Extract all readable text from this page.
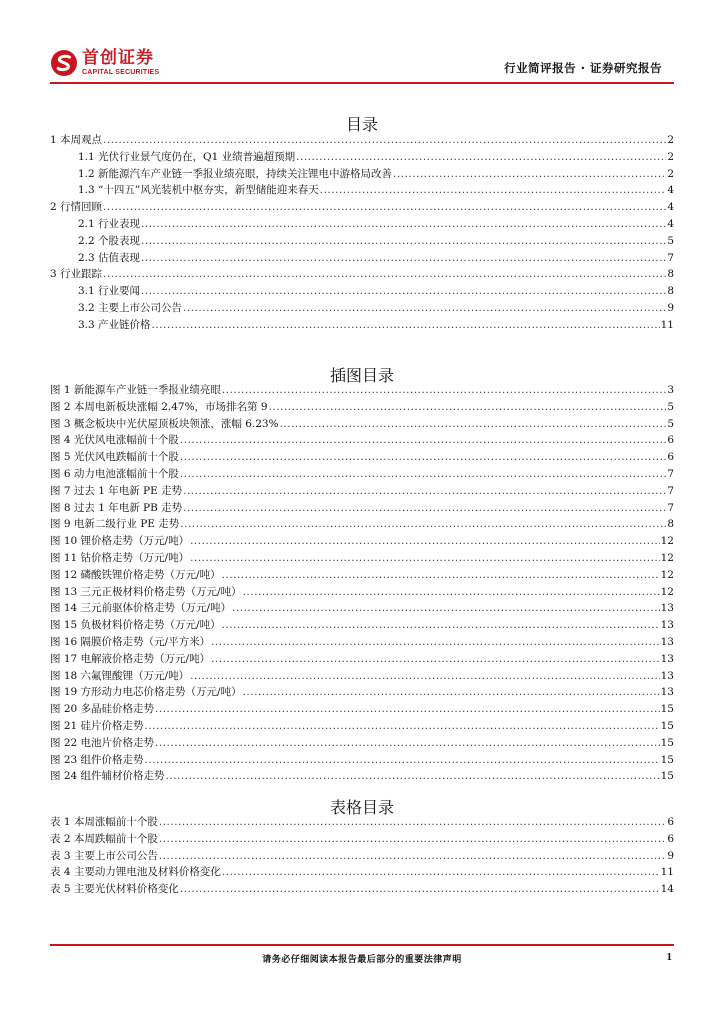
首创证券
CAPITAL SECURITIES	行业简评报告 · 证券研究报告
目录
1 本周观点 .....	2
1.1 光伏行业景气度仍在，Q1 业绩普遍超预期 .....	2
1.2 新能源汽车产业链一季报业绩亮眼，持续关注锂电中游格局改善 .....	2
1.3 “十四五”风光装机中枢夯实，新型储能迎来春天 .....	4
2 行情回顾 .....	4
2.1 行业表现 .....	4
2.2 个股表现 .....	5
2.3 估值表现 .....	7
3 行业跟踪 .....	8
3.1 行业要闻 .....	8
3.2 主要上市公司公告 .....	9
3.3 产业链价格 .....	11
插图目录
图 1 新能源车产业链一季报业绩亮眼 .....	3
图 2 本周电新板块涨幅 2.47%，市场排名第 9 .....	5
图 3 概念板块中光伏屋顶板块领涨，涨幅 6.23% .....	5
图 4 光伏风电涨幅前十个股 .....	6
图 5 光伏风电跌幅前十个股 .....	6
图 6 动力电池涨幅前十个股 .....	7
图 7 过去 1 年电新 PE 走势 .....	7
图 8 过去 1 年电新 PB 走势 .....	7
图 9 电新二级行业 PE 走势 .....	8
图 10 锂价格走势（万元/吨） .....	12
图 11 钴价格走势（万元/吨） .....	12
图 12 磷酸铁锂价格走势（万元/吨） .....	12
图 13 三元正极材料价格走势（万元/吨） .....	12
图 14 三元前驱体价格走势（万元/吨） .....	13
图 15 负极材料价格走势（万元/吨） .....	13
图 16 隔膜价格走势（元/平方米） .....	13
图 17 电解液价格走势（万元/吨） .....	13
图 18 六氟锂酸锂（万元/吨） .....	13
图 19 方形动力电芯价格走势（万元/吨） .....	13
图 20 多晶硅价格走势 .....	15
图 21 硅片价格走势 .....	15
图 22 电池片价格走势 .....	15
图 23 组件价格走势 .....	15
图 24 组件辅材价格走势 .....	15
表格目录
表 1 本周涨幅前十个股 .....	6
表 2 本周跌幅前十个股 .....	6
表 3 主要上市公司公告 .....	9
表 4 主要动力锂电池及材料价格变化 .....	11
表 5 主要光伏材料价格变化 .....	14
请务必仔细阅读本报告最后部分的重要法律声明	1
